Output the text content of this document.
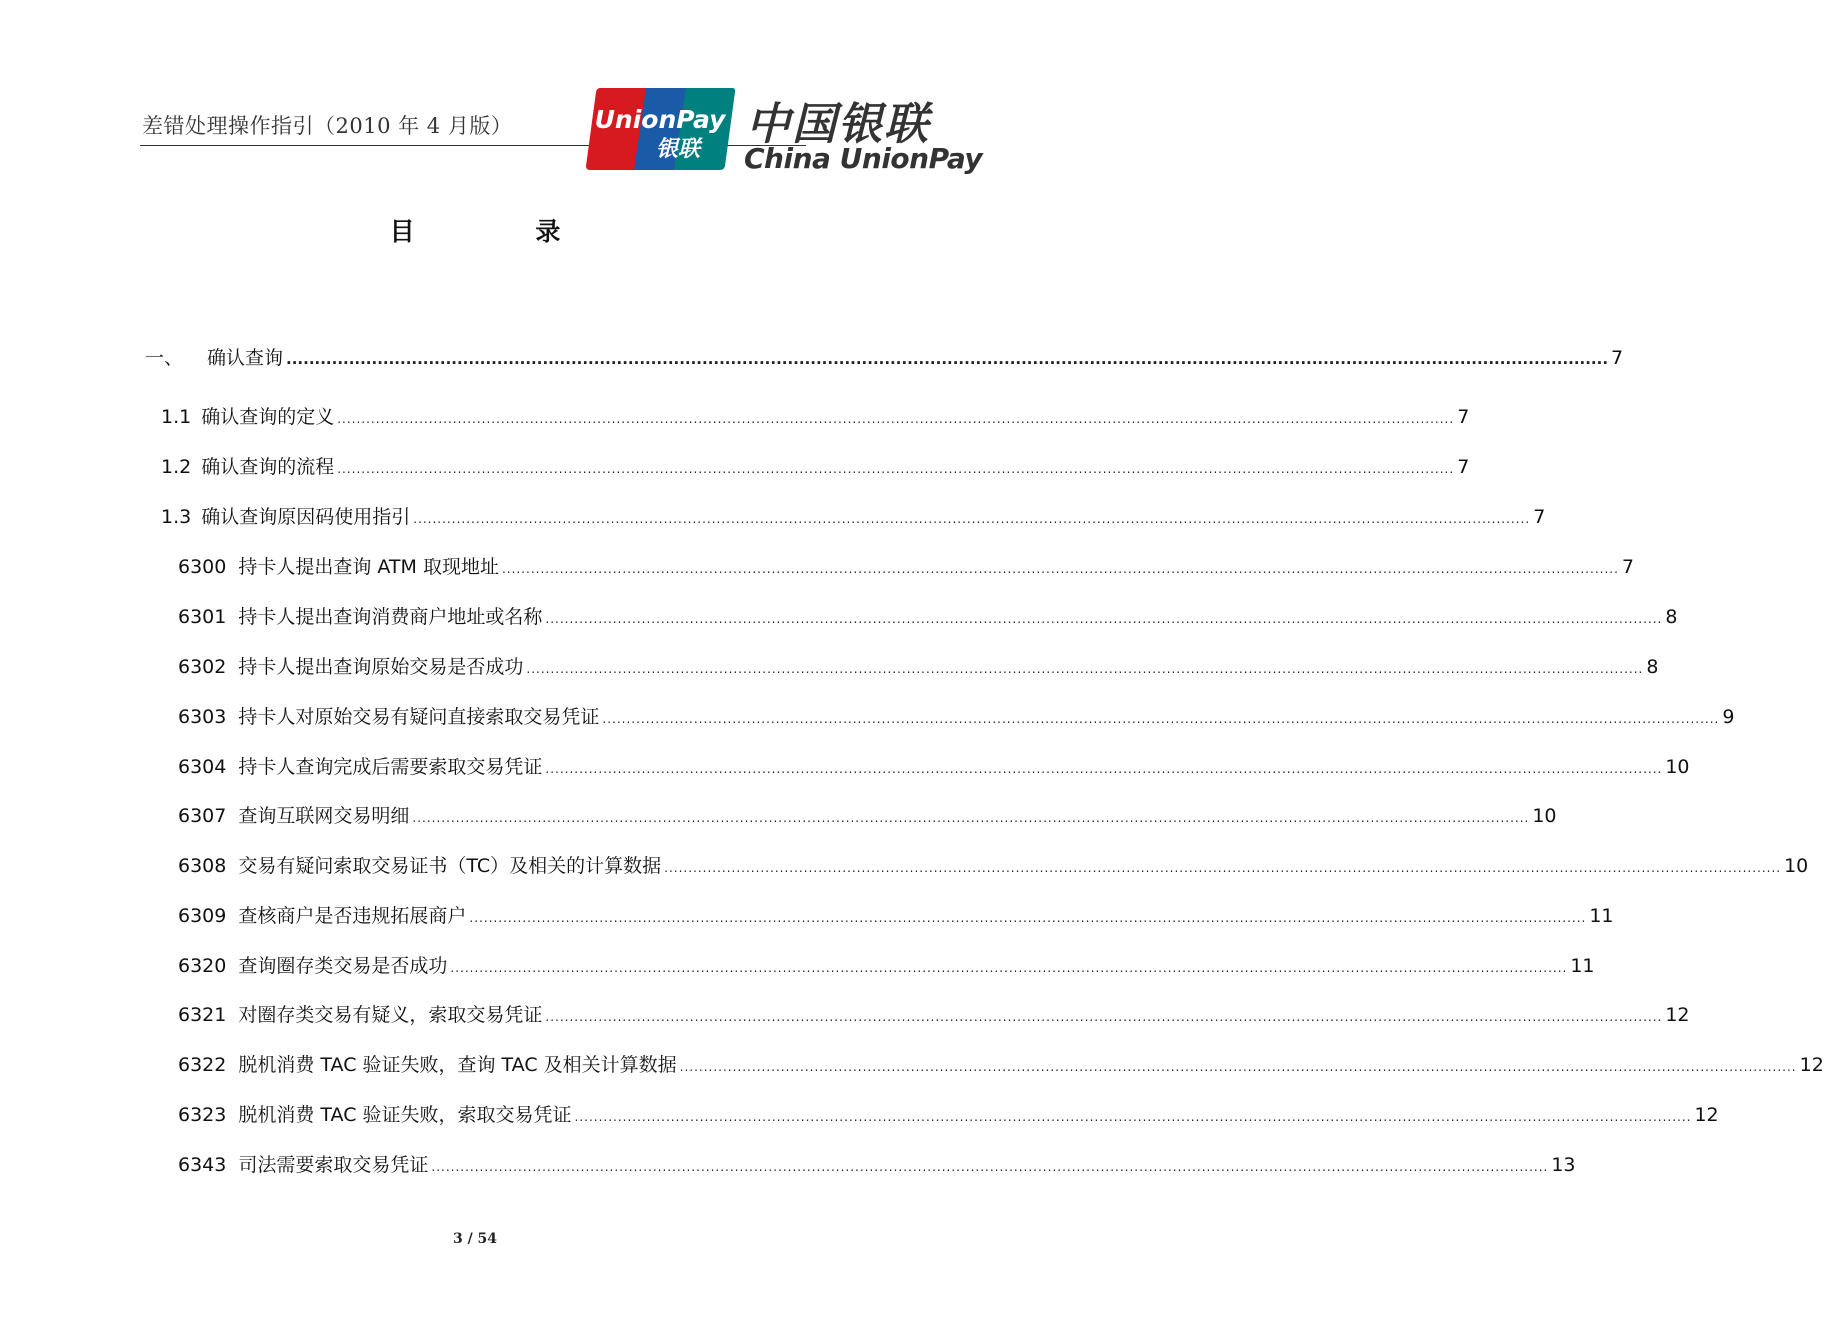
差错处理操作指引（2010 年 4 月版）	UnionPay
银联 中国银联
China UnionPay
目 录
一、 确认查询 .....	7
1.1 确认查询的定义 .....	7
1.2 确认查询的流程 .....	7
1.3 确认查询原因码使用指引 .....	7
6300 持卡人提出查询 ATM 取现地址 .....	7
6301 持卡人提出查询消费商户地址或名称 .....	8
6302 持卡人提出查询原始交易是否成功 .....	8
6303 持卡人对原始交易有疑问直接索取交易凭证 .....	9
6304 持卡人查询完成后需要索取交易凭证 .....	10
6307 查询互联网交易明细 .....	10
6308 交易有疑问索取交易证书（TC）及相关的计算数据 .....	10
6309 查核商户是否违规拓展商户 .....	11
6320 查询圈存类交易是否成功 .....	11
6321 对圈存类交易有疑义，索取交易凭证 .....	12
6322 脱机消费 TAC 验证失败，查询 TAC 及相关计算数据 .....	12
6323 脱机消费 TAC 验证失败，索取交易凭证 .....	12
6343 司法需要索取交易凭证 .....	13
3 / 54
